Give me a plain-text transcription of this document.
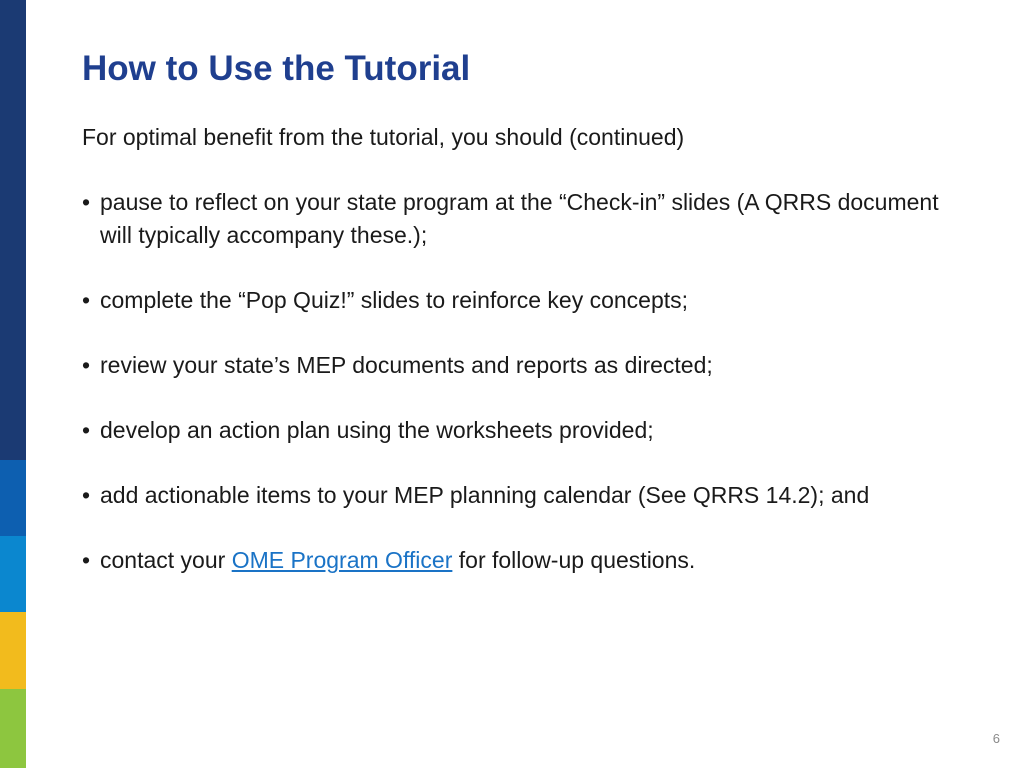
How to Use the Tutorial

For optimal benefit from the tutorial, you should (continued)

• pause to reflect on your state program at the “Check-in” slides (A QRRS document will typically accompany these.);
• complete the “Pop Quiz!” slides to reinforce key concepts;
• review your state’s MEP documents and reports as directed;
• develop an action plan using the worksheets provided;
• add actionable items to your MEP planning calendar (See QRRS 14.2); and
• contact your OME Program Officer for follow-up questions.
6
